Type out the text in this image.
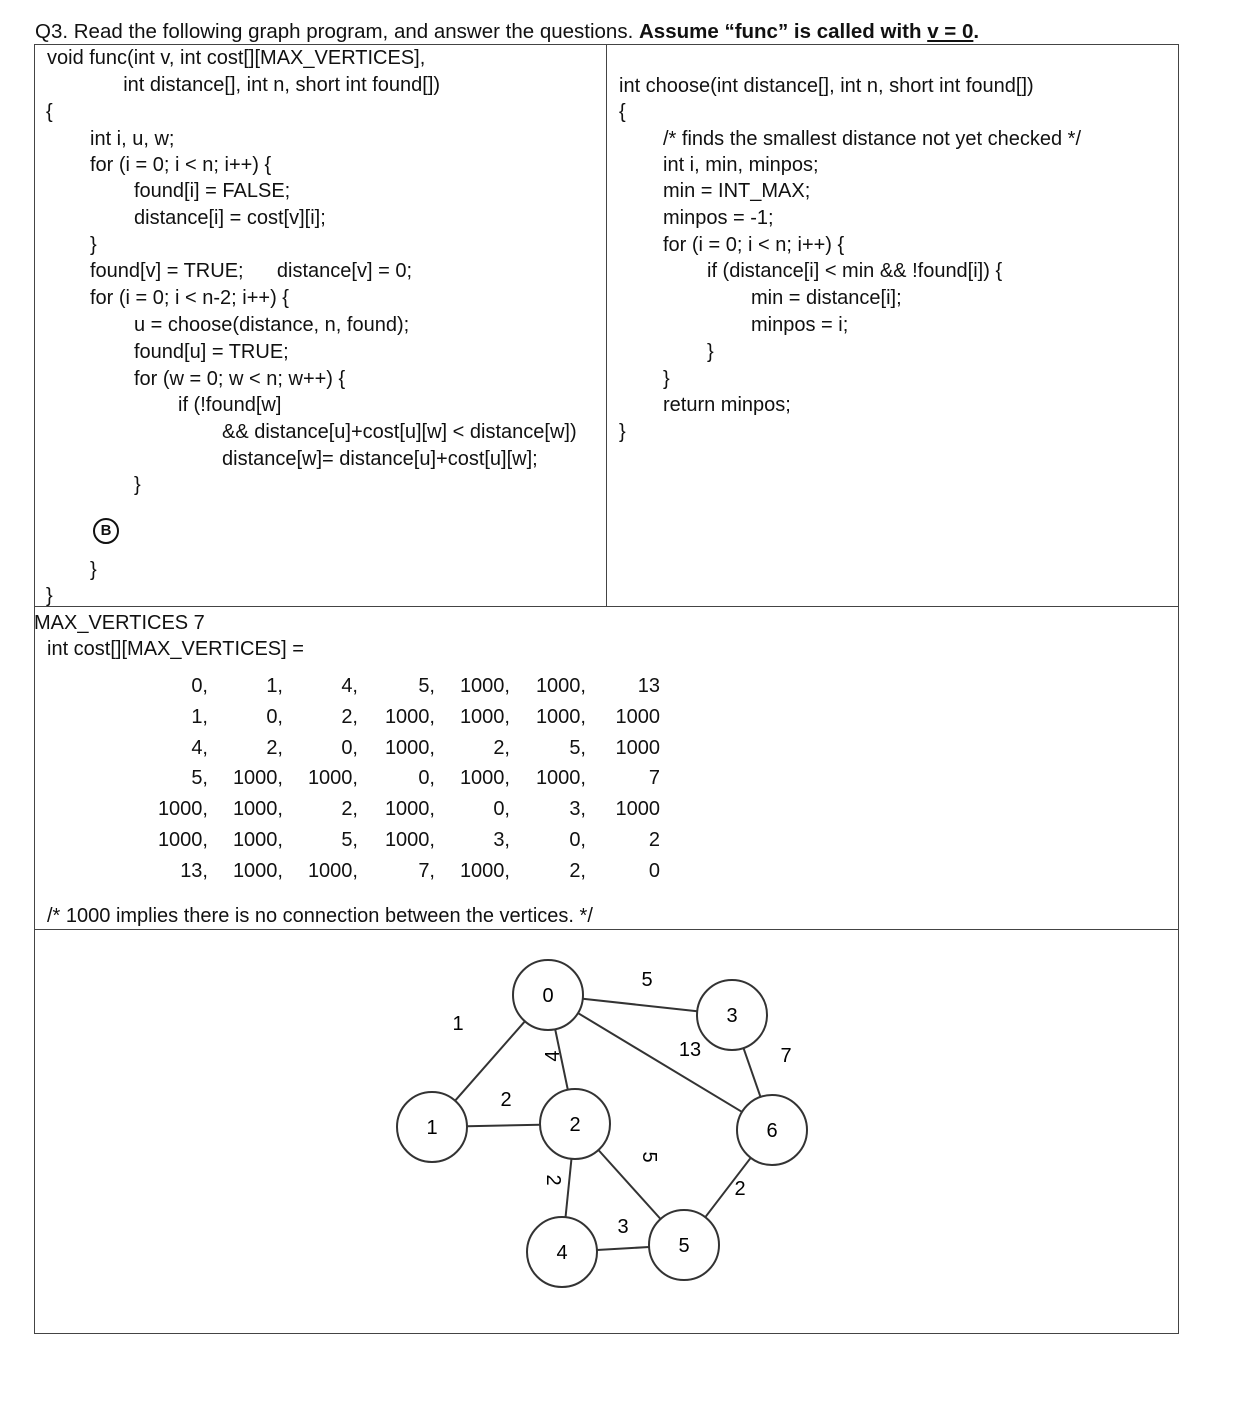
Q3. Read the following graph program, and answer the questions. Assume “func” is called with v = 0.
void func(int v, int cost[][MAX_VERTICES],
int distance[], int n, short int found[])
{
int i, u, w;
for (i = 0; i < n; i++) {
found[i] = FALSE;
distance[i] = cost[v][i];
}
found[v] = TRUE;      distance[v] = 0;
for (i = 0; i < n-2; i++) {
u = choose(distance, n, found);
found[u] = TRUE;
for (w = 0; w < n; w++) {
if (!found[w]
&& distance[u]+cost[u][w] < distance[w])
distance[w]= distance[u]+cost[u][w];
}
B
}
}
int choose(int distance[], int n, short int found[])
{
/* finds the smallest distance not yet checked */
int i, min, minpos;
min = INT_MAX;
minpos = -1;
for (i = 0; i < n; i++) {
if (distance[i] < min && !found[i]) {
min = distance[i];
minpos = i;
}
}
return minpos;
}
MAX_VERTICES 7
int cost[][MAX_VERTICES] =
0,	1,	4,	5,	1000,	1000,	13
1,	0,	2,	1000,	1000,	1000,	1000
4,	2,	0,	1000,	2,	5,	1000
5,	1000,	1000,	0,	1000,	1000,	7
1000,	1000,	2,	1000,	0,	3,	1000
1000,	1000,	5,	1000,	3,	0,	2
13,	1000,	1000,	7,	1000,	2,	0
/* 1000 implies there is no connection between the vertices. */
1
4
5
13
2
2
5
7
3
2
0
1	2
3
4	5
6
